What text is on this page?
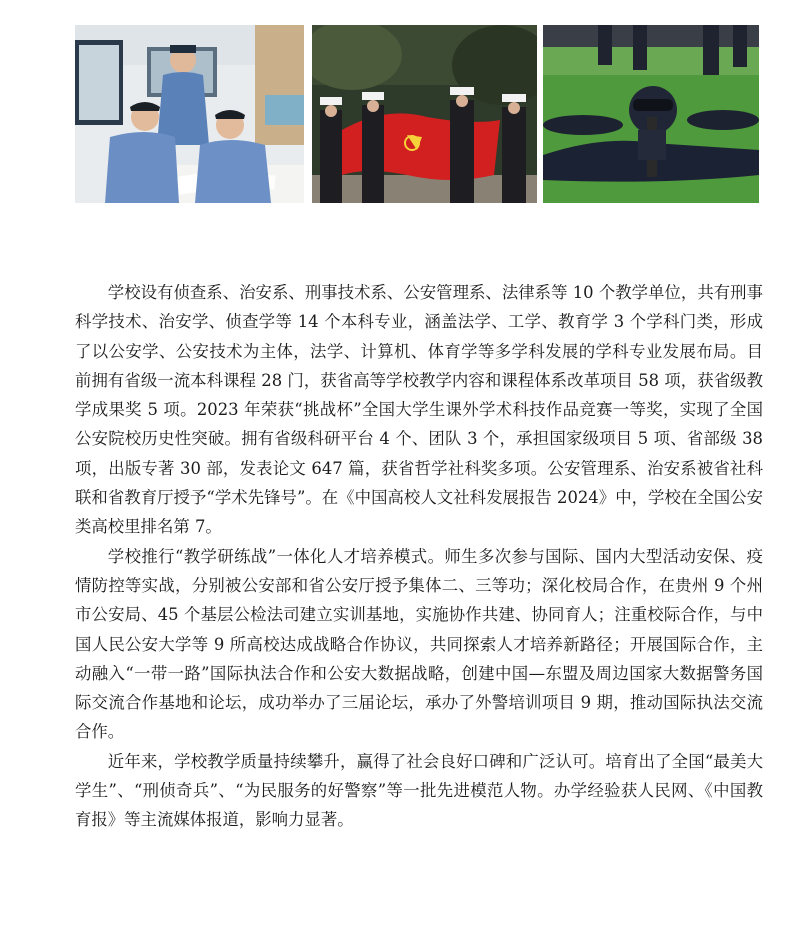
学校设有侦查系、治安系、刑事技术系、公安管理系、法律系等 10 个教学单位，共有刑事科学技术、治安学、侦查学等 14 个本科专业，涵盖法学、工学、教育学 3 个学科门类，形成了以公安学、公安技术为主体，法学、计算机、体育学等多学科发展的学科专业发展布局。目前拥有省级一流本科课程 28 门，获省高等学校教学内容和课程体系改革项目 58 项，获省级教学成果奖 5 项。2023 年荣获“挑战杯”全国大学生课外学术科技作品竞赛一等奖，实现了全国公安院校历史性突破。拥有省级科研平台 4 个、团队 3 个，承担国家级项目 5 项、省部级 38 项，出版专著 30 部，发表论文 647 篇，获省哲学社科奖多项。公安管理系、治安系被省社科联和省教育厅授予“学术先锋号”。在《中国高校人文社科发展报告 2024》中，学校在全国公安类高校里排名第 7。

学校推行“教学研练战”一体化人才培养模式。师生多次参与国际、国内大型活动安保、疫情防控等实战，分别被公安部和省公安厅授予集体二、三等功；深化校局合作，在贵州 9 个州市公安局、45 个基层公检法司建立实训基地，实施协作共建、协同育人；注重校际合作，与中国人民公安大学等 9 所高校达成战略合作协议，共同探索人才培养新路径；开展国际合作，主动融入“一带一路”国际执法合作和公安大数据战略，创建中国—东盟及周边国家大数据警务国际交流合作基地和论坛，成功举办了三届论坛，承办了外警培训项目 9 期，推动国际执法交流合作。

近年来，学校教学质量持续攀升，赢得了社会良好口碑和广泛认可。培育出了全国“最美大学生”、“刑侦奇兵”、“为民服务的好警察”等一批先进模范人物。办学经验获人民网、《中国教育报》等主流媒体报道，影响力显著。
